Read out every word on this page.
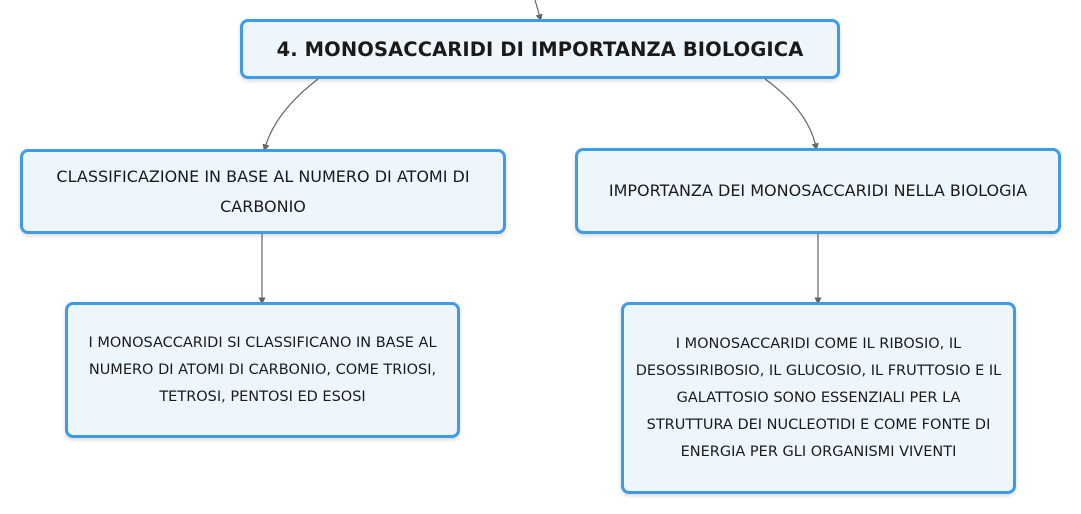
4. MONOSACCARIDI DI IMPORTANZA BIOLOGICA
CLASSIFICAZIONE IN BASE AL NUMERO DI ATOMI DI CARBONIO
IMPORTANZA DEI MONOSACCARIDI NELLA BIOLOGIA
I MONOSACCARIDI SI CLASSIFICANO IN BASE AL NUMERO DI ATOMI DI CARBONIO, COME TRIOSI, TETROSI, PENTOSI ED ESOSI
I MONOSACCARIDI COME IL RIBOSIO, IL DESOSSIRIBOSIO, IL GLUCOSIO, IL FRUTTOSIO E IL GALATTOSIO SONO ESSENZIALI PER LA STRUTTURA DEI NUCLEOTIDI E COME FONTE DI ENERGIA PER GLI ORGANISMI VIVENTI
